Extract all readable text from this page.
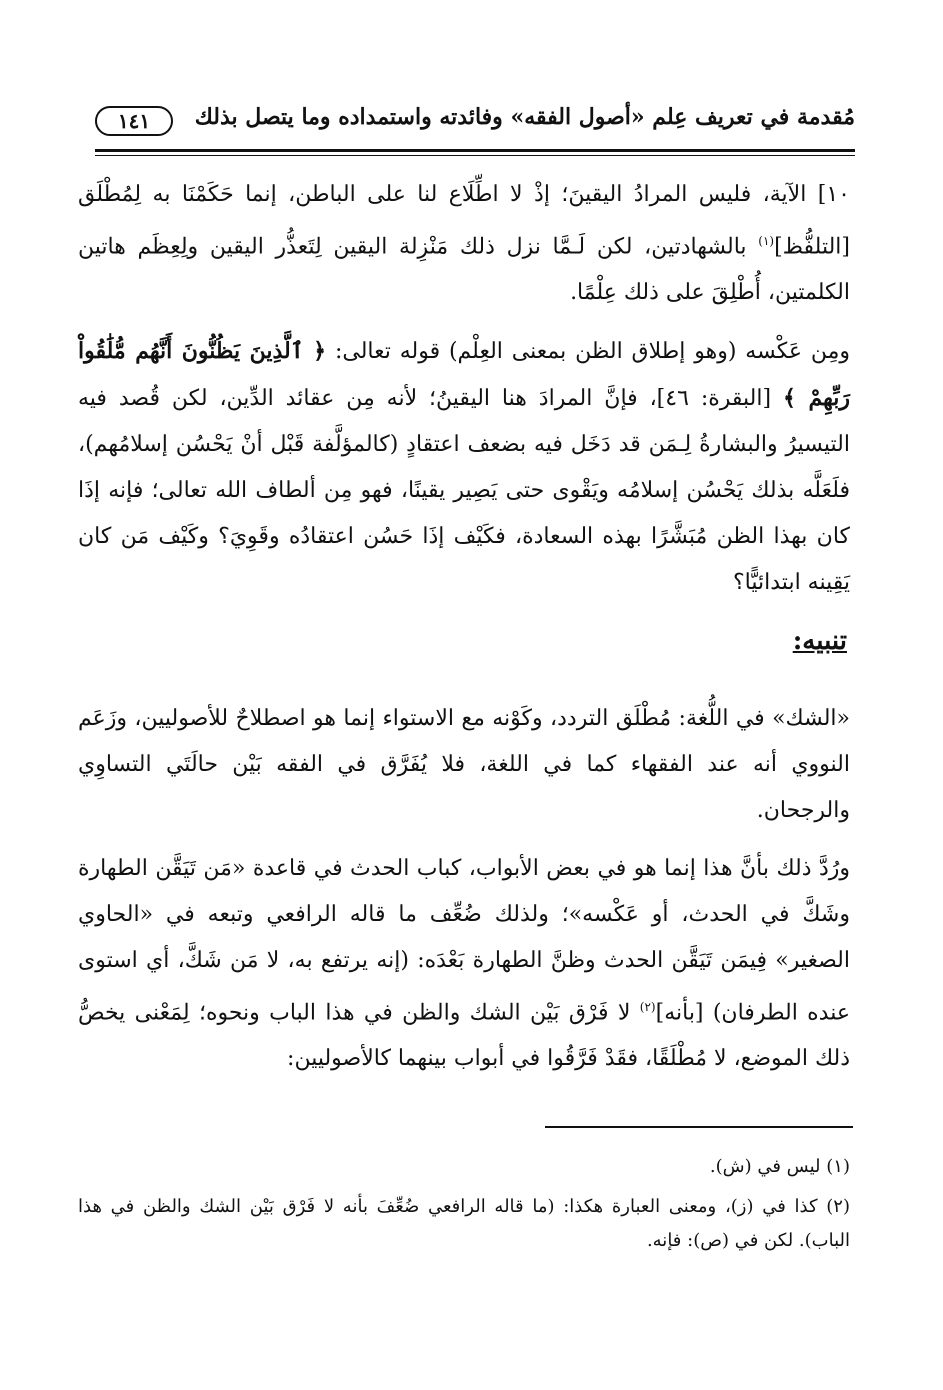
مُقدمة في تعريف عِلم «أصول الفقه» وفائدته واستمداده وما يتصل بذلك
١٤١

١٠] الآية، فليس المرادُ اليقينَ؛ إذْ لا اطِّلَاع لنا على الباطن، إنما حَكَمْنَا به لِمُطْلَق [التلفُّظ]$^{(١)}$ بالشهادتين، لكن لَـمَّا نزل ذلك مَنْزِلة اليقين لِتَعذُّر اليقين ولِعِظَم هاتين الكلمتين، أُطْلِقَ على ذلك عِلْمًا.

ومِن عَكْسه (وهو إطلاق الظن بمعنى العِلْم) قوله تعالى: ﴿ ٱلَّذِينَ يَظُنُّونَ أَنَّهُم مُّلَٰقُواْ رَبِّهِمْ ﴾ [البقرة: ٤٦]، فإنَّ المرادَ هنا اليقينُ؛ لأنه مِن عقائد الدِّين، لكن قُصد فيه التيسيرُ والبشارةُ لِـمَن قد دَخَل فيه بضعف اعتقادٍ (كالمؤلَّفة قَبْل أنْ يَحْسُن إسلامُهم)، فلَعَلَّه بذلك يَحْسُن إسلامُه ويَقْوى حتى يَصِير يقينًا، فهو مِن ألطاف الله تعالى؛ فإنه إذَا كان بهذا الظن مُبَشَّرًا بهذه السعادة، فكَيْف إذَا حَسُن اعتقادُه وقَوِيَ؟ وكَيْف مَن كان يَقِينه ابتدائيًّا؟

تنبيه:

«الشك» في اللُّغة: مُطْلَق التردد، وكَوْنه مع الاستواء إنما هو اصطلاحٌ للأصوليين، وزَعَم النووي أنه عند الفقهاء كما في اللغة، فلا يُفَرَّق في الفقه بَيْن حالَتَي التساوِي والرجحان.

ورُدَّ ذلك بأنَّ هذا إنما هو في بعض الأبواب، كباب الحدث في قاعدة «مَن تَيَقَّن الطهارة وشَكَّ في الحدث، أو عَكْسه»؛ ولذلك ضُعِّف ما قاله الرافعي وتبعه في «الحاوي الصغير» فِيمَن تَيَقَّن الحدث وظنَّ الطهارة بَعْدَه: (إنه يرتفع به، لا مَن شَكَّ، أي استوى عنده الطرفان) [بأنه]$^{(٢)}$ لا فَرْق بَيْن الشك والظن في هذا الباب ونحوه؛ لِمَعْنى يخصُّ ذلك الموضع، لا مُطْلَقًا، فقَدْ فَرَّقُوا في أبواب بينهما كالأصوليين:

(١) ليس في (ش).

(٢) كذا في (ز)، ومعنى العبارة هكذا: (ما قاله الرافعي ضُعِّفَ بأنه لا فَرْق بَيْن الشك والظن في هذا الباب). لكن في (ص): فإنه.
